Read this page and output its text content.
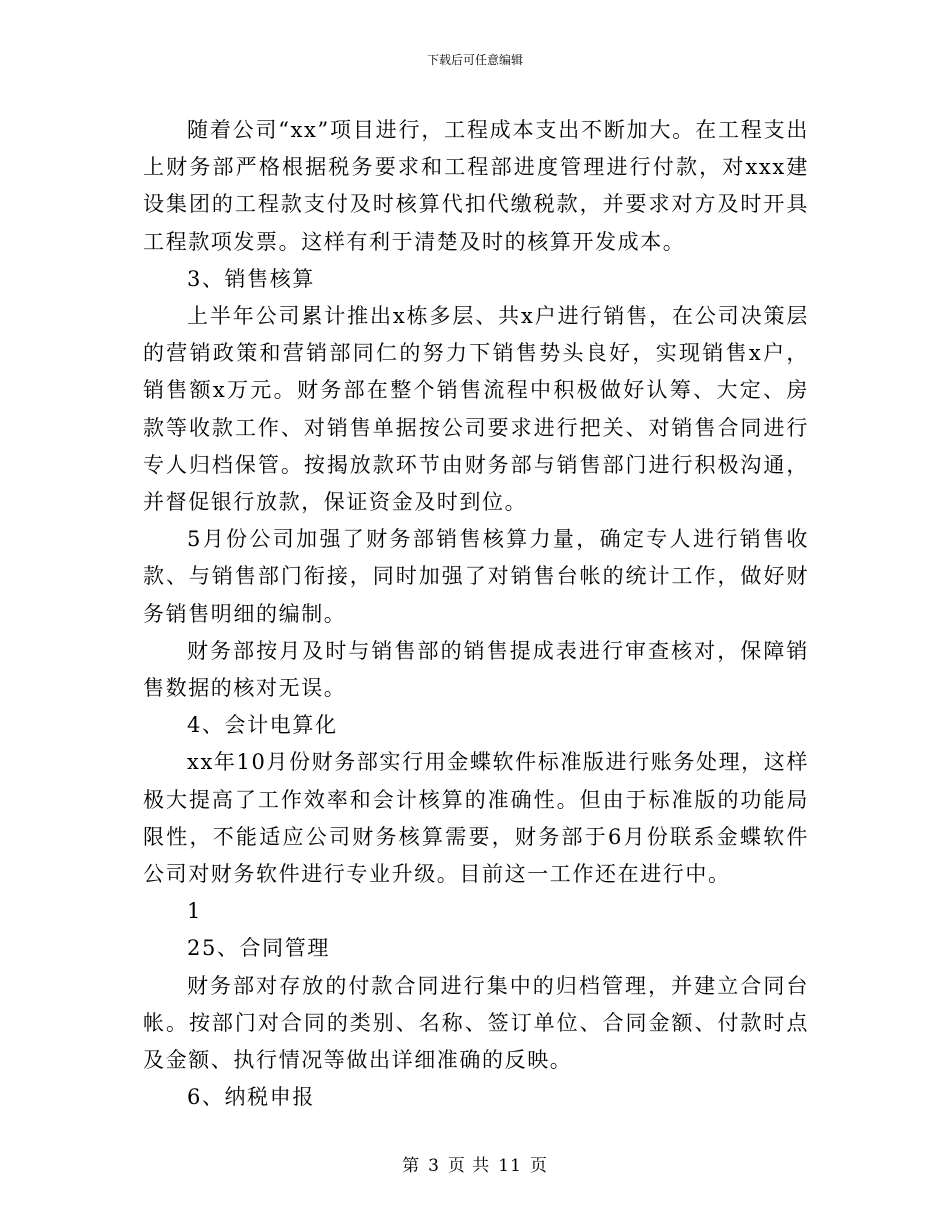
下载后可任意编辑

随着公司“xx”项目进行，工程成本支出不断加大。在工程支出上财务部严格根据税务要求和工程部进度管理进行付款，对xxx建设集团的工程款支付及时核算代扣代缴税款，并要求对方及时开具工程款项发票。这样有利于清楚及时的核算开发成本。

3、销售核算

上半年公司累计推出x栋多层、共x户进行销售，在公司决策层的营销政策和营销部同仁的努力下销售势头良好，实现销售x户，销售额x万元。财务部在整个销售流程中积极做好认筹、大定、房款等收款工作、对销售单据按公司要求进行把关、对销售合同进行专人归档保管。按揭放款环节由财务部与销售部门进行积极沟通，并督促银行放款，保证资金及时到位。

5月份公司加强了财务部销售核算力量，确定专人进行销售收款、与销售部门衔接，同时加强了对销售台帐的统计工作，做好财务销售明细的编制。

财务部按月及时与销售部的销售提成表进行审查核对，保障销售数据的核对无误。

4、会计电算化

xx年10月份财务部实行用金蝶软件标准版进行账务处理，这样极大提高了工作效率和会计核算的准确性。但由于标准版的功能局限性，不能适应公司财务核算需要，财务部于6月份联系金蝶软件公司对财务软件进行专业升级。目前这一工作还在进行中。

1

25、合同管理

财务部对存放的付款合同进行集中的归档管理，并建立合同台帐。按部门对合同的类别、名称、签订单位、合同金额、付款时点及金额、执行情况等做出详细准确的反映。

6、纳税申报

第 3 页 共 11 页
